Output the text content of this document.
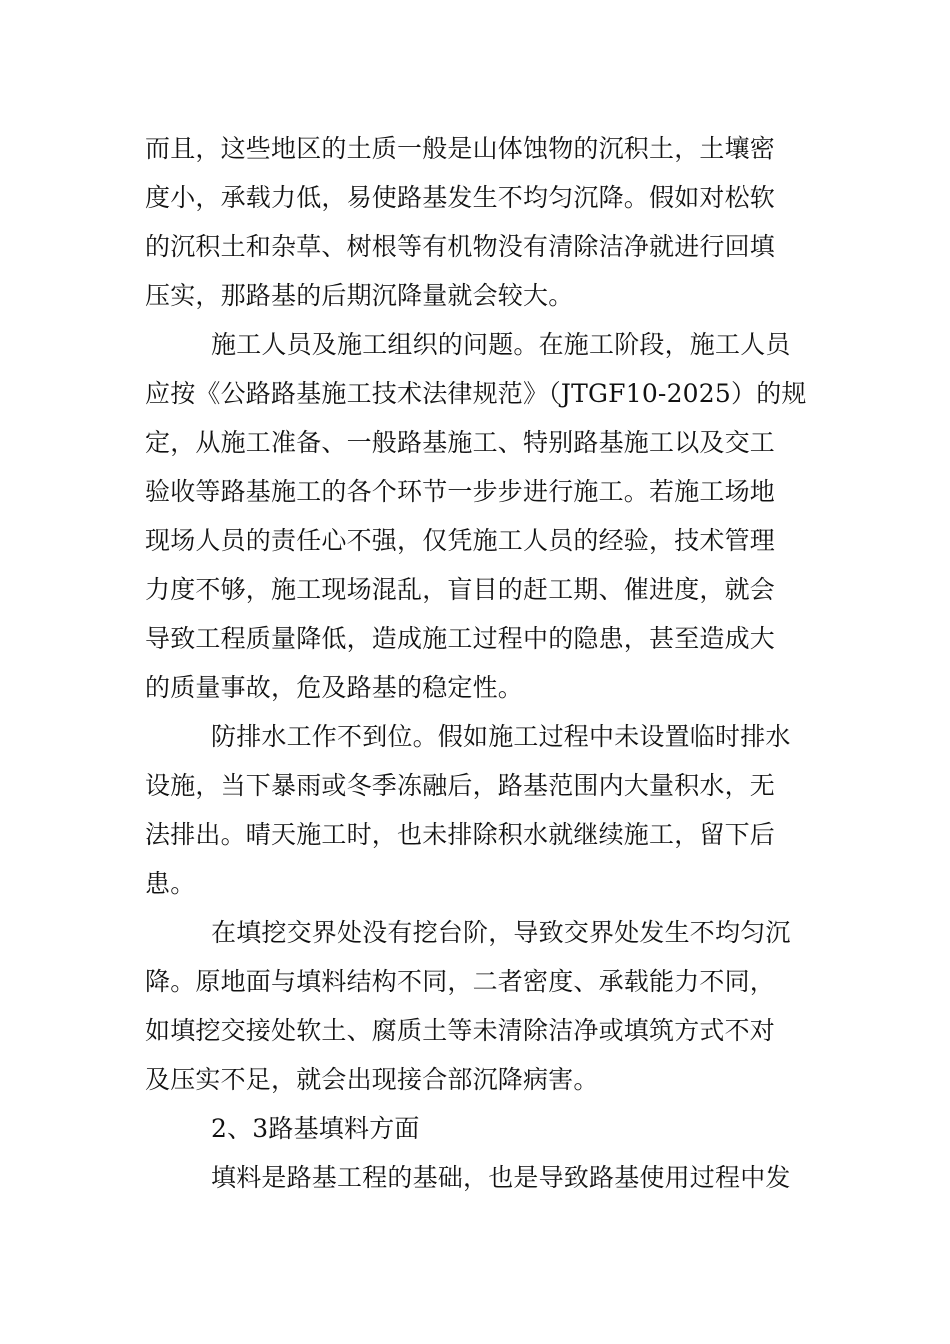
而且，这些地区的土质一般是山体蚀物的沉积土，土壤密
度小，承载力低，易使路基发生不均匀沉降。假如对松软
的沉积土和杂草、树根等有机物没有清除洁净就进行回填
压实，那路基的后期沉降量就会较大。
施工人员及施工组织的问题。在施工阶段，施工人员
应按《公路路基施工技术法律规范》（JTGF10-2025）的规
定，从施工准备、一般路基施工、特别路基施工以及交工
验收等路基施工的各个环节一步步进行施工。若施工场地
现场人员的责任心不强，仅凭施工人员的经验，技术管理
力度不够，施工现场混乱，盲目的赶工期、催进度，就会
导致工程质量降低，造成施工过程中的隐患，甚至造成大
的质量事故，危及路基的稳定性。
防排水工作不到位。假如施工过程中未设置临时排水
设施，当下暴雨或冬季冻融后，路基范围内大量积水，无
法排出。晴天施工时，也未排除积水就继续施工，留下后
患。
在填挖交界处没有挖台阶，导致交界处发生不均匀沉
降。原地面与填料结构不同，二者密度、承载能力不同，
如填挖交接处软土、腐质土等未清除洁净或填筑方式不对
及压实不足，就会出现接合部沉降病害。
2、3路基填料方面
填料是路基工程的基础，也是导致路基使用过程中发
